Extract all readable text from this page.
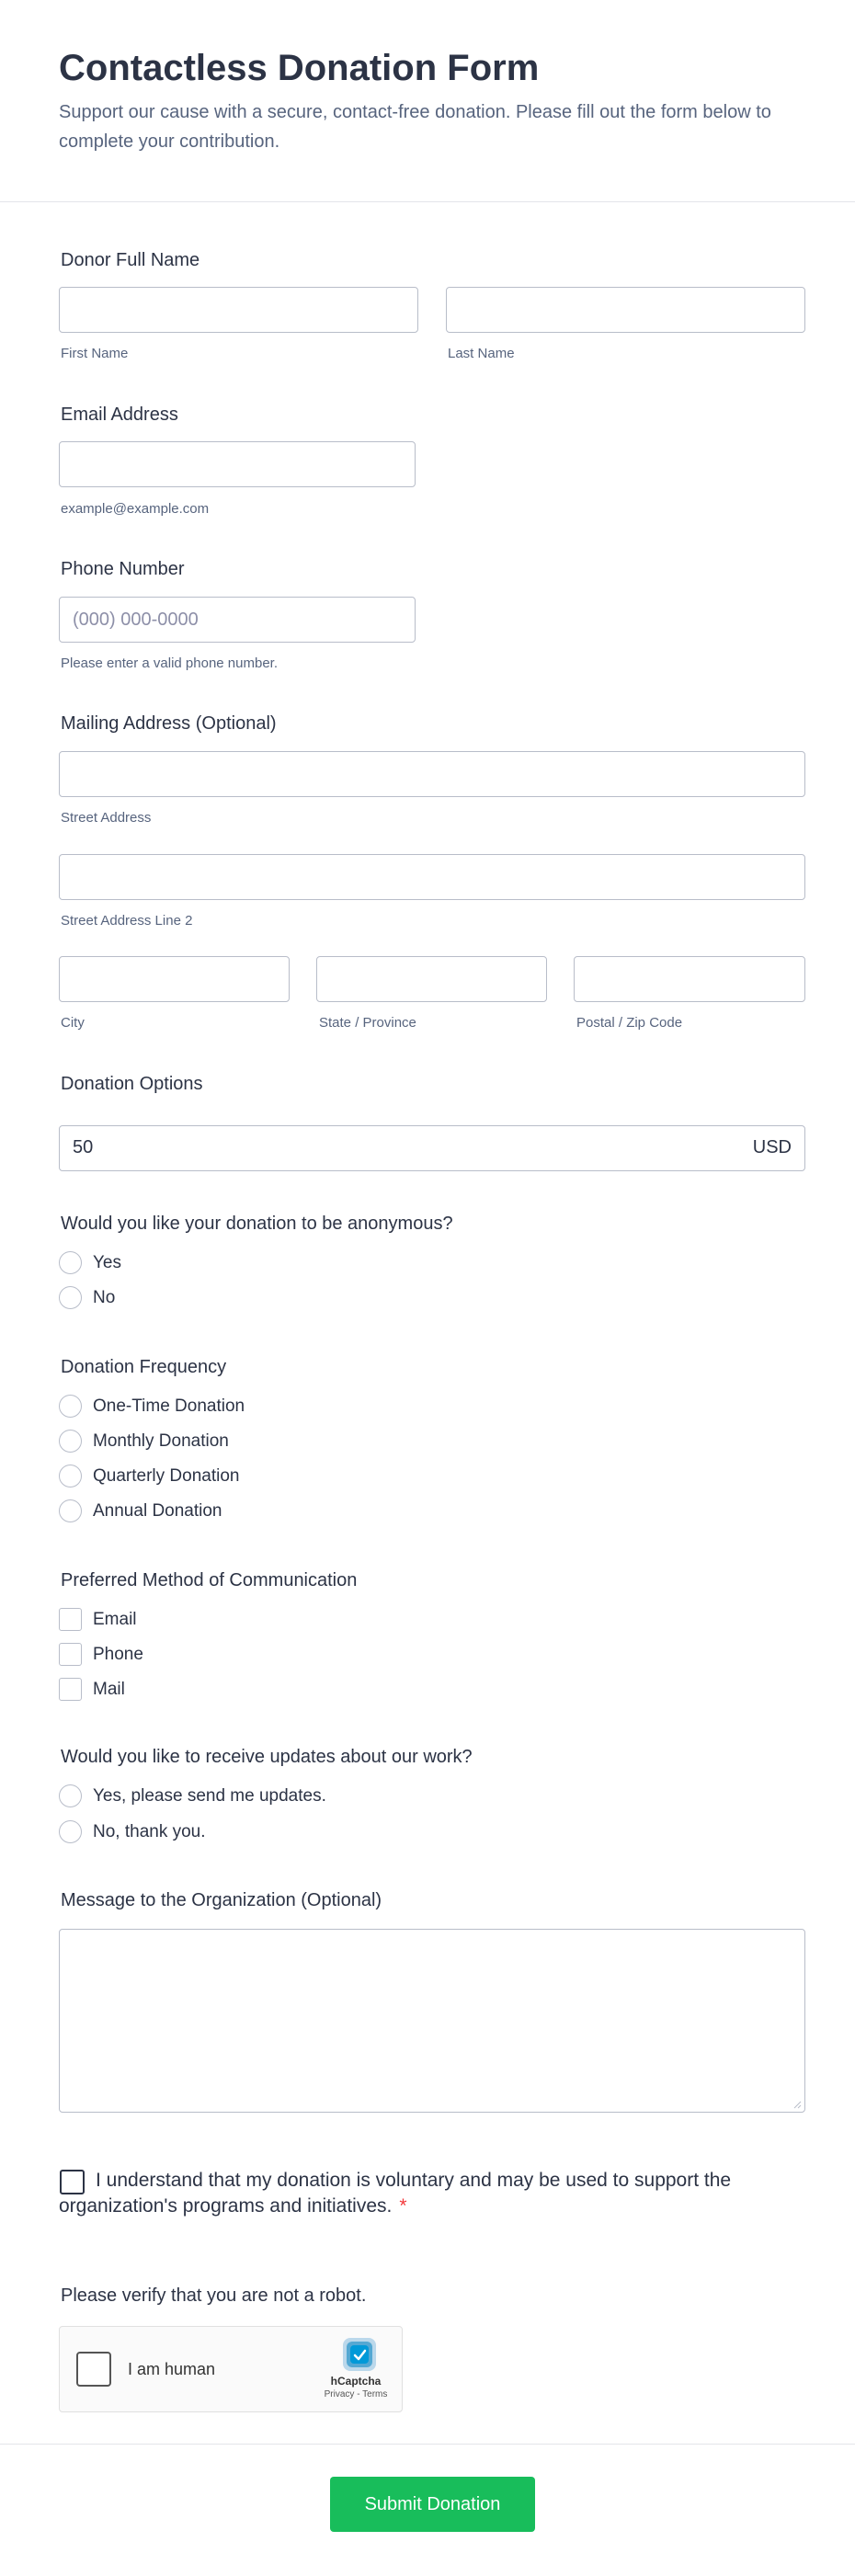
Contactless Donation Form

Support our cause with a secure, contact-free donation. Please fill out the form below to complete your contribution.

Donor Full Name
First Name	Last Name
Email Address
example@example.com
Phone Number
(000) 000-0000
Please enter a valid phone number.
Mailing Address (Optional)
Street Address
Street Address Line 2
City	State / Province	Postal / Zip Code
Donation Options
50	USD
Would you like your donation to be anonymous?
Yes
No
Donation Frequency
One-Time Donation
Monthly Donation
Quarterly Donation
Annual Donation
Preferred Method of Communication
Email
Phone
Mail
Would you like to receive updates about our work?
Yes, please send me updates.
No, thank you.
Message to the Organization (Optional)
I understand that my donation is voluntary and may be used to support the organization's programs and initiatives. *
Please verify that you are not a robot.
I am human
hCaptcha
Privacy - Terms
Submit Donation
